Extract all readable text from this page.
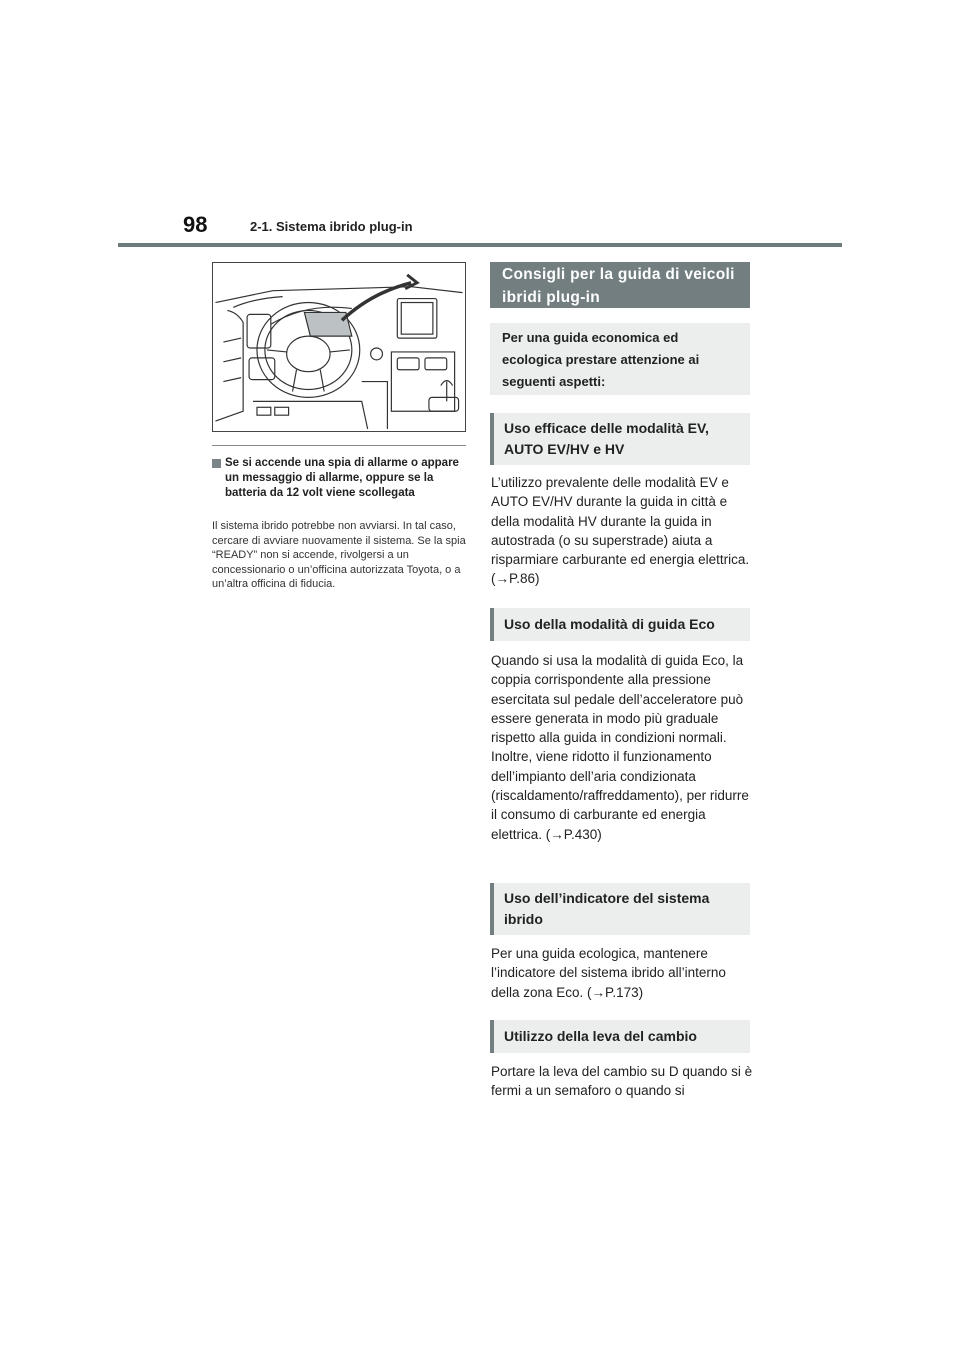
98	2-1. Sistema ibrido plug-in
Se si accende una spia di allarme o appare un messaggio di allarme, oppure se la batteria da 12 volt viene scollegata
Il sistema ibrido potrebbe non avviarsi. In tal caso, cercare di avviare nuovamente il sistema. Se la spia “READY” non si accende, rivolgersi a un concessionario o un’officina autorizzata Toyota, o a un’altra officina di fiducia.
Consigli per la guida di veicoli ibridi plug-in
Per una guida economica ed ecologica prestare attenzione ai seguenti aspetti:
Uso efficace delle modalità EV, AUTO EV/HV e HV
L’utilizzo prevalente delle modalità EV e AUTO EV/HV durante la guida in città e della modalità HV durante la guida in autostrada (o su superstrade) aiuta a risparmiare carburante ed energia elettrica. (→P.86)
Uso della modalità di guida Eco
Quando si usa la modalità di guida Eco, la coppia corrispondente alla pressione esercitata sul pedale dell’acceleratore può essere generata in modo più graduale rispetto alla guida in condizioni normali. Inoltre, viene ridotto il funzionamento dell’impianto dell’aria condizionata (riscaldamento/raffreddamento), per ridurre il consumo di carburante ed energia elettrica. (→P.430)
Uso dell’indicatore del sistema ibrido
Per una guida ecologica, mantenere l’indicatore del sistema ibrido all’interno della zona Eco. (→P.173)
Utilizzo della leva del cambio
Portare la leva del cambio su D quando si è fermi a un semaforo o quando si
